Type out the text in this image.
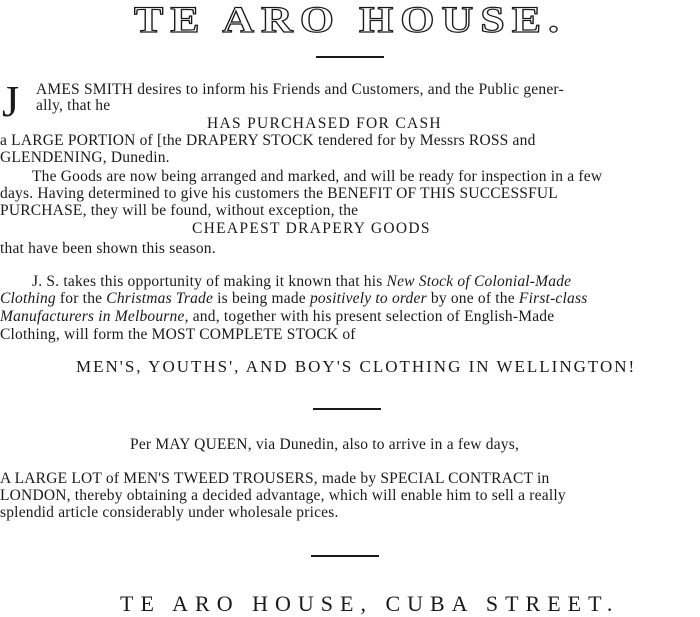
TE ARO HOUSE.
J AMES SMITH desires to inform his Friends and Customers, and the Public gener-
ally, that he
HAS PURCHASED FOR CASH
a LARGE PORTION of [the DRAPERY STOCK tendered for by Messrs ROSS and
GLENDENING, Dunedin.
The Goods are now being arranged and marked, and will be ready for inspection in a few
days. Having determined to give his customers the BENEFIT OF THIS SUCCESSFUL
PURCHASE, they will be found, without exception, the
CHEAPEST DRAPERY GOODS
that have been shown this season.
J. S. takes this opportunity of making it known that his New Stock of Colonial-Made
Clothing for the Christmas Trade is being made positively to order by one of the First-class
Manufacturers in Melbourne, and, together with his present selection of English-Made
Clothing, will form the MOST COMPLETE STOCK of
MEN'S, YOUTHS', AND BOY'S CLOTHING IN WELLINGTON!
Per MAY QUEEN, via Dunedin, also to arrive in a few days,
A LARGE LOT of MEN'S TWEED TROUSERS, made by SPECIAL CONTRACT in
LONDON, thereby obtaining a decided advantage, which will enable him to sell a really
splendid article considerably under wholesale prices.
TE ARO HOUSE, CUBA STREET.
